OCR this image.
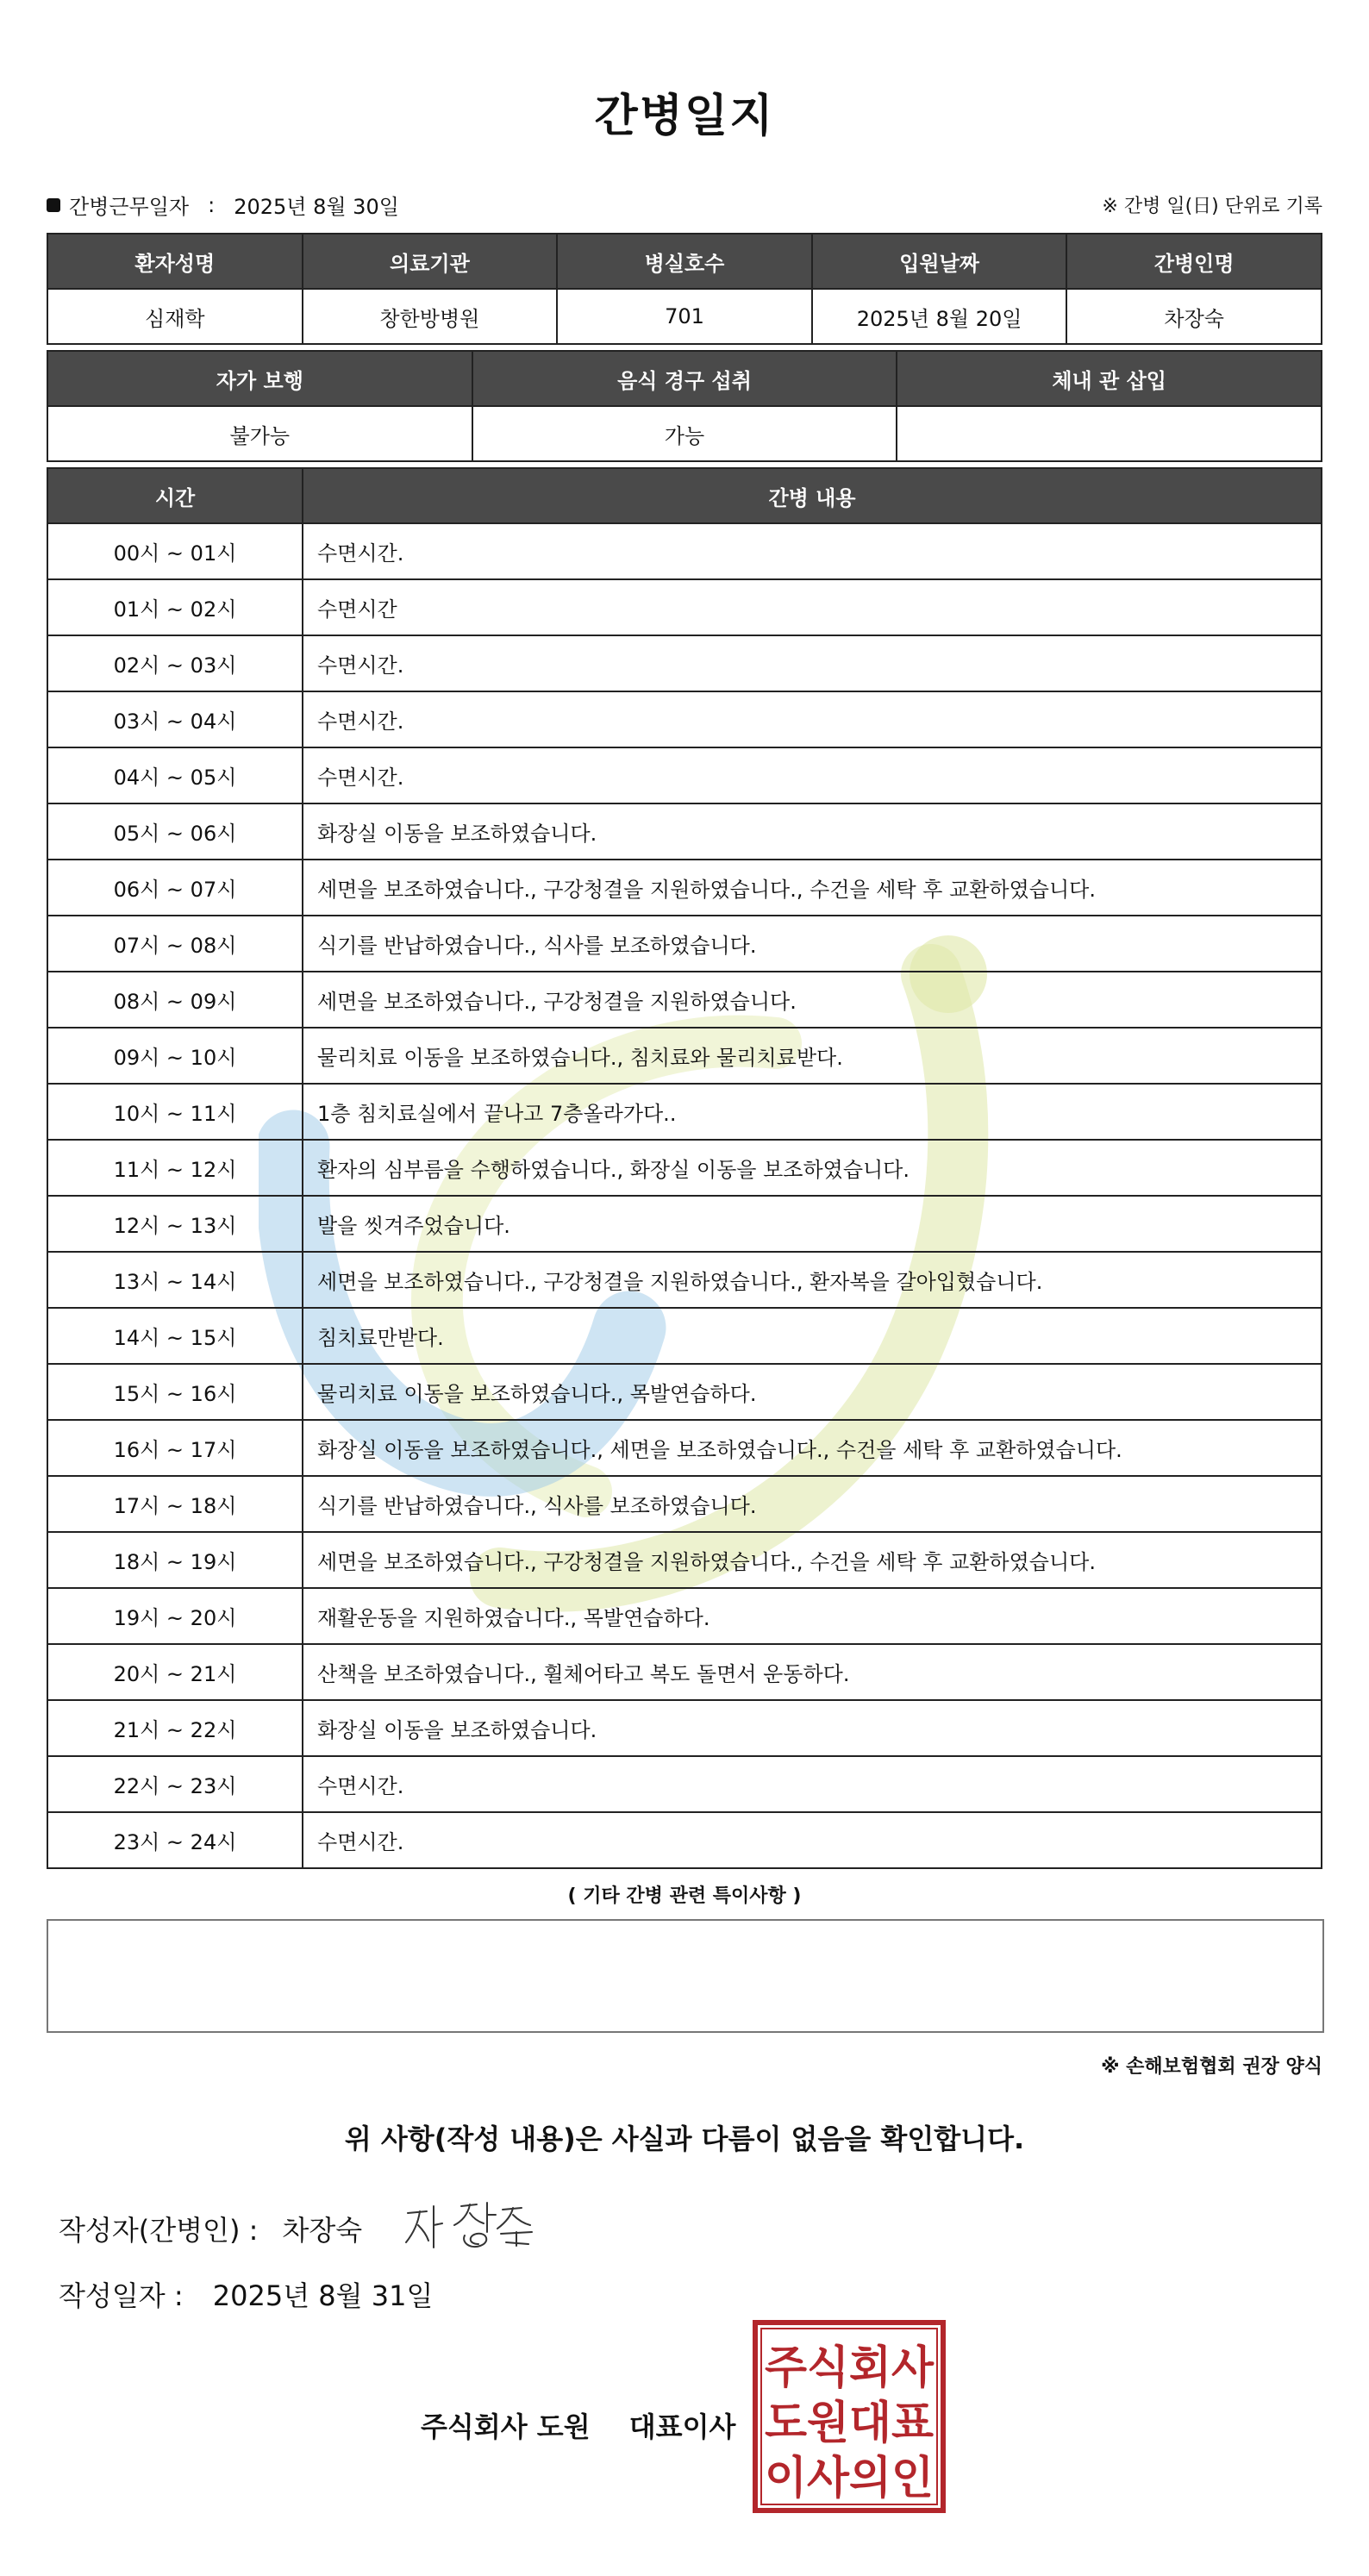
간병일지
간병근무일자 : 2025년 8월 30일	※ 간병 일(日) 단위로 기록
환자성명	의료기관	병실호수	입원날짜	간병인명
심재학	창한방병원	701	2025년 8월 20일	차장숙
자가 보행	음식 경구 섭취	체내 관 삽입
불가능	가능	
시간	간병 내용
00시 ~ 01시	수면시간.
01시 ~ 02시	수면시간
02시 ~ 03시	수면시간.
03시 ~ 04시	수면시간.
04시 ~ 05시	수면시간.
05시 ~ 06시	화장실 이동을 보조하였습니다.
06시 ~ 07시	세면을 보조하였습니다., 구강청결을 지원하였습니다., 수건을 세탁 후 교환하였습니다.
07시 ~ 08시	식기를 반납하였습니다., 식사를 보조하였습니다.
08시 ~ 09시	세면을 보조하였습니다., 구강청결을 지원하였습니다.
09시 ~ 10시	물리치료 이동을 보조하였습니다., 침치료와 물리치료받다.
10시 ~ 11시	1층 침치료실에서 끝나고 7층올라가다..
11시 ~ 12시	환자의 심부름을 수행하였습니다., 화장실 이동을 보조하였습니다.
12시 ~ 13시	발을 씻겨주었습니다.
13시 ~ 14시	세면을 보조하였습니다., 구강청결을 지원하였습니다., 환자복을 갈아입혔습니다.
14시 ~ 15시	침치료만받다.
15시 ~ 16시	물리치료 이동을 보조하였습니다., 목발연습하다.
16시 ~ 17시	화장실 이동을 보조하였습니다., 세면을 보조하였습니다., 수건을 세탁 후 교환하였습니다.
17시 ~ 18시	식기를 반납하였습니다., 식사를 보조하였습니다.
18시 ~ 19시	세면을 보조하였습니다., 구강청결을 지원하였습니다., 수건을 세탁 후 교환하였습니다.
19시 ~ 20시	재활운동을 지원하였습니다., 목발연습하다.
20시 ~ 21시	산책을 보조하였습니다., 휠체어타고 복도 돌면서 운동하다.
21시 ~ 22시	화장실 이동을 보조하였습니다.
22시 ~ 23시	수면시간.
23시 ~ 24시	수면시간.
( 기타 간병 관련 특이사항 )
※ 손해보험협회 권장 양식
위 사항(작성 내용)은 사실과 다름이 없음을 확인합니다.
작성자(간병인) : 차장숙
작성일자 : 2025년 8월 31일
주식회사 도원 대표이사
주식회사
도원대표
이사의인
